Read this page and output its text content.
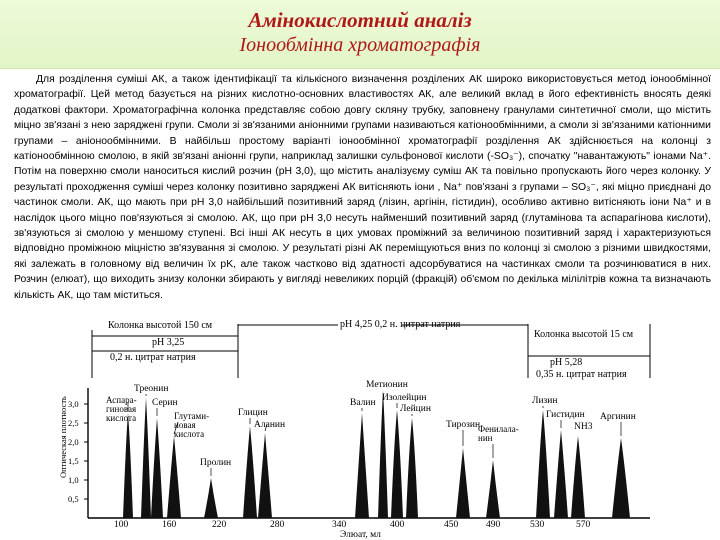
Амінокислотний аналіз
Іонообмінна хроматографія

Для розділення суміші АК, а також ідентифікації та кількісного визначення розділених АК широко використовується метод іонообмінної хроматографії. Цей метод базується на різних кислотно-основних властивостях АК, але великий вклад в його ефективність вносять деякі додаткові фактори. Хроматографічна колонка представляє собою довгу скляну трубку, заповнену гранулами синтетичної смоли, що містить міцно зв'язані з нею заряджені групи. Смоли зі зв'язаними аніонними групами називаються катіонообмінними, а смоли зі зв'язаними катіонними групами – аніонообмінними. В найбільш простому варіанті іонообмінної хроматографії розділення АК здійснюється на колонці з катіонообмінною смолою, в якій зв'язані аніонні групи, наприклад залишки сульфонової кислоти (-SO₃⁻), спочатку "навантажують" іонами Na⁺. Потім на поверхню смоли наноситься кислий розчин (pH 3,0), що містить аналізуєму суміш АК та повільно пропускають його через колонку. У результаті проходження суміші через колонку позитивно заряджені АК витісняють іони , Na⁺ пов'язані з групами – SO₃⁻, які міцно приєднані до частинок смоли. АК, що мають при pH 3,0 найбільший позитивний заряд (лізин, аргінін, гістидин), особливо активно витісняють іони Na⁺ и в наслідок цього міцно пов'язуються зі смолою. АК, що при pH 3,0 несуть найменший позитивний заряд (глутамінова та аспарагінова кислоти), зв'язуються зі смолою у меншому ступені. Всі інші АК несуть в цих умовах проміжний за величиною позитивний заряд і характеризуються відповідно проміжною міцністю зв'язування зі смолою. У результаті різні АК переміщуються вниз по колонці зі смолою з різними швидкостями, які залежать в головному від величин їх pK, але також частково від здатності адсорбуватися на частинках смоли та розчинюватися в них. Розчин (елюат), що виходить знизу колонки збирають у вигляді невеликих порцій (фракцій) об'ємом по декілька мілілітрів кожна та визначають кількість АК, що там міститься.

Колонка высотой 150 см
pH 3,25
0,2 н. цитрат натрия
pH 4,25 0,2 н. цитрат натрия
Колонка высотой 15 см
pH 5,28
0,35 н. цитрат натрия
Оптическая плотность 3,0
2,5
2,0
1,5
1,0
0,5
100	160	220	280	340	400	450	490	530	570
Элюат, мл
Треонин
Аспара-
гиновая
кислота
Серин
Глутами-
новая
кислота
Пролин
Глицин
Аланин
Валин
Метионин
Изолейцин
Лейцин
Тирозин
Фенилала-
нин
Лизин
Гистидин
NH3
Аргинин
